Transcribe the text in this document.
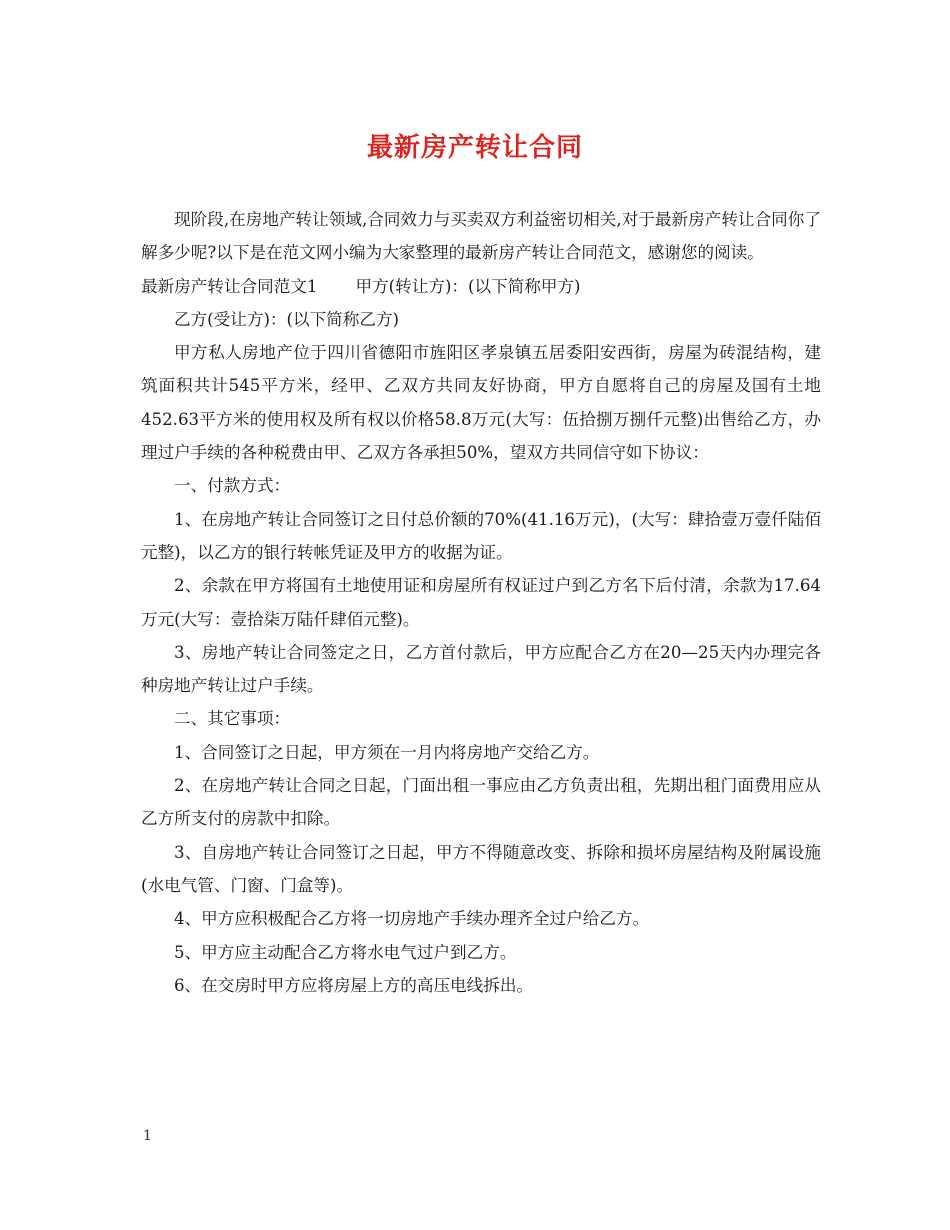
最新房产转让合同

现阶段,在房地产转让领域,合同效力与买卖双方利益密切相关,对于最新房产转让合同你了解多少呢?以下是在范文网小编为大家整理的最新房产转让合同范文，感谢您的阅读。

最新房产转让合同范文1 甲方(转让方)：(以下简称甲方)

乙方(受让方)：(以下简称乙方)

甲方私人房地产位于四川省德阳市旌阳区孝泉镇五居委阳安西街，房屋为砖混结构，建筑面积共计545平方米，经甲、乙双方共同友好协商，甲方自愿将自己的房屋及国有土地452.63平方米的使用权及所有权以价格58.8万元(大写：伍拾捌万捌仟元整)出售给乙方，办理过户手续的各种税费由甲、乙双方各承担50%，望双方共同信守如下协议：

一、付款方式：

1、在房地产转让合同签订之日付总价额的70%(41.16万元)，(大写：肆拾壹万壹仟陆佰元整)，以乙方的银行转帐凭证及甲方的收据为证。

2、余款在甲方将国有土地使用证和房屋所有权证过户到乙方名下后付清，余款为17.64万元(大写：壹拾柒万陆仟肆佰元整)。

3、房地产转让合同签定之日，乙方首付款后，甲方应配合乙方在20—25天内办理完各种房地产转让过户手续。

二、其它事项：

1、合同签订之日起，甲方须在一月内将房地产交给乙方。

2、在房地产转让合同之日起，门面出租一事应由乙方负责出租，先期出租门面费用应从乙方所支付的房款中扣除。

3、自房地产转让合同签订之日起，甲方不得随意改变、拆除和损坏房屋结构及附属设施(水电气管、门窗、门盒等)。

4、甲方应积极配合乙方将一切房地产手续办理齐全过户给乙方。

5、甲方应主动配合乙方将水电气过户到乙方。

6、在交房时甲方应将房屋上方的高压电线拆出。

1
